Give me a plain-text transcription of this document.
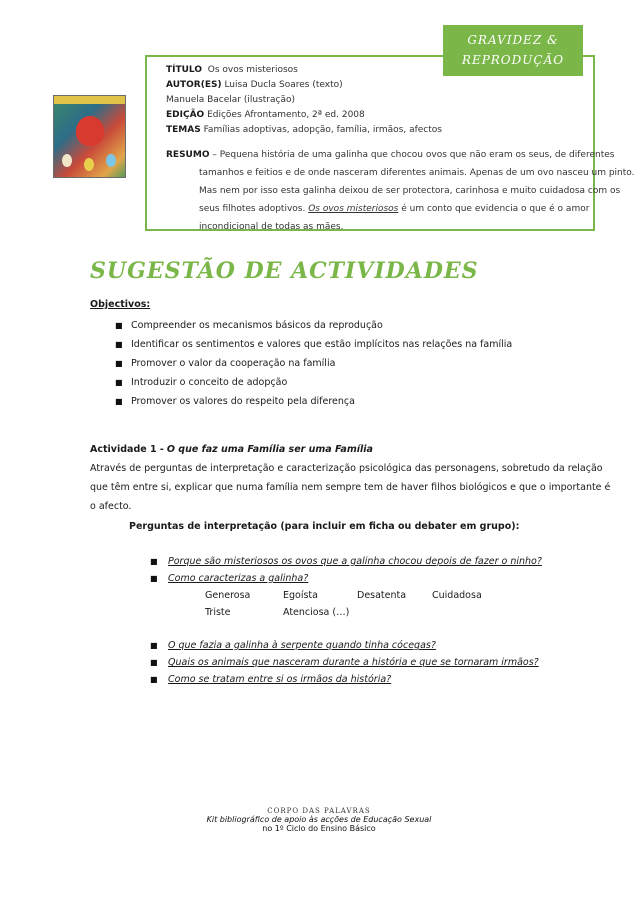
GRAVIDEZ &
REPRODUÇÃO
TÍTULO Os ovos misteriosos
AUTOR(ES) Luisa Ducla Soares (texto)
Manuela Bacelar (ilustração)
EDIÇÃO Edições Afrontamento, 2ª ed. 2008
TEMAS Famílias adoptivas, adopção, família, irmãos, afectos
RESUMO – Pequena história de uma galinha que chocou ovos que não eram os seus, de diferentes
tamanhos e feitios e de onde nasceram diferentes animais. Apenas de um ovo nasceu um pinto.
Mas nem por isso esta galinha deixou de ser protectora, carinhosa e muito cuidadosa com os
seus filhotes adoptivos. Os ovos misteriosos é um conto que evidencia o que é o amor
incondicional de todas as mães.
SUGESTÃO DE ACTIVIDADES
Objectivos:
■ Compreender os mecanismos básicos da reprodução
■ Identificar os sentimentos e valores que estão implícitos nas relações na família
■ Promover o valor da cooperação na família
■ Introduzir o conceito de adopção
■ Promover os valores do respeito pela diferença
Actividade 1 - O que faz uma Família ser uma Família
Através de perguntas de interpretação e caracterização psicológica das personagens, sobretudo da relação
que têm entre si, explicar que numa família nem sempre tem de haver filhos biológicos e que o importante é
o afecto.
Perguntas de interpretação (para incluir em ficha ou debater em grupo):
■ Porque são misteriosos os ovos que a galinha chocou depois de fazer o ninho?
■ Como caracterizas a galinha?
Generosa	Egoísta	Desatenta	Cuidadosa
Triste	Atenciosa (…)
■ O que fazia a galinha à serpente quando tinha cócegas?
■ Quais os animais que nasceram durante a história e que se tornaram irmãos?
■ Como se tratam entre si os irmãos da história?
CORPO DAS PALAVRAS
Kit bibliográfico de apoio às acções de Educação Sexual
no 1º Ciclo do Ensino Básico
